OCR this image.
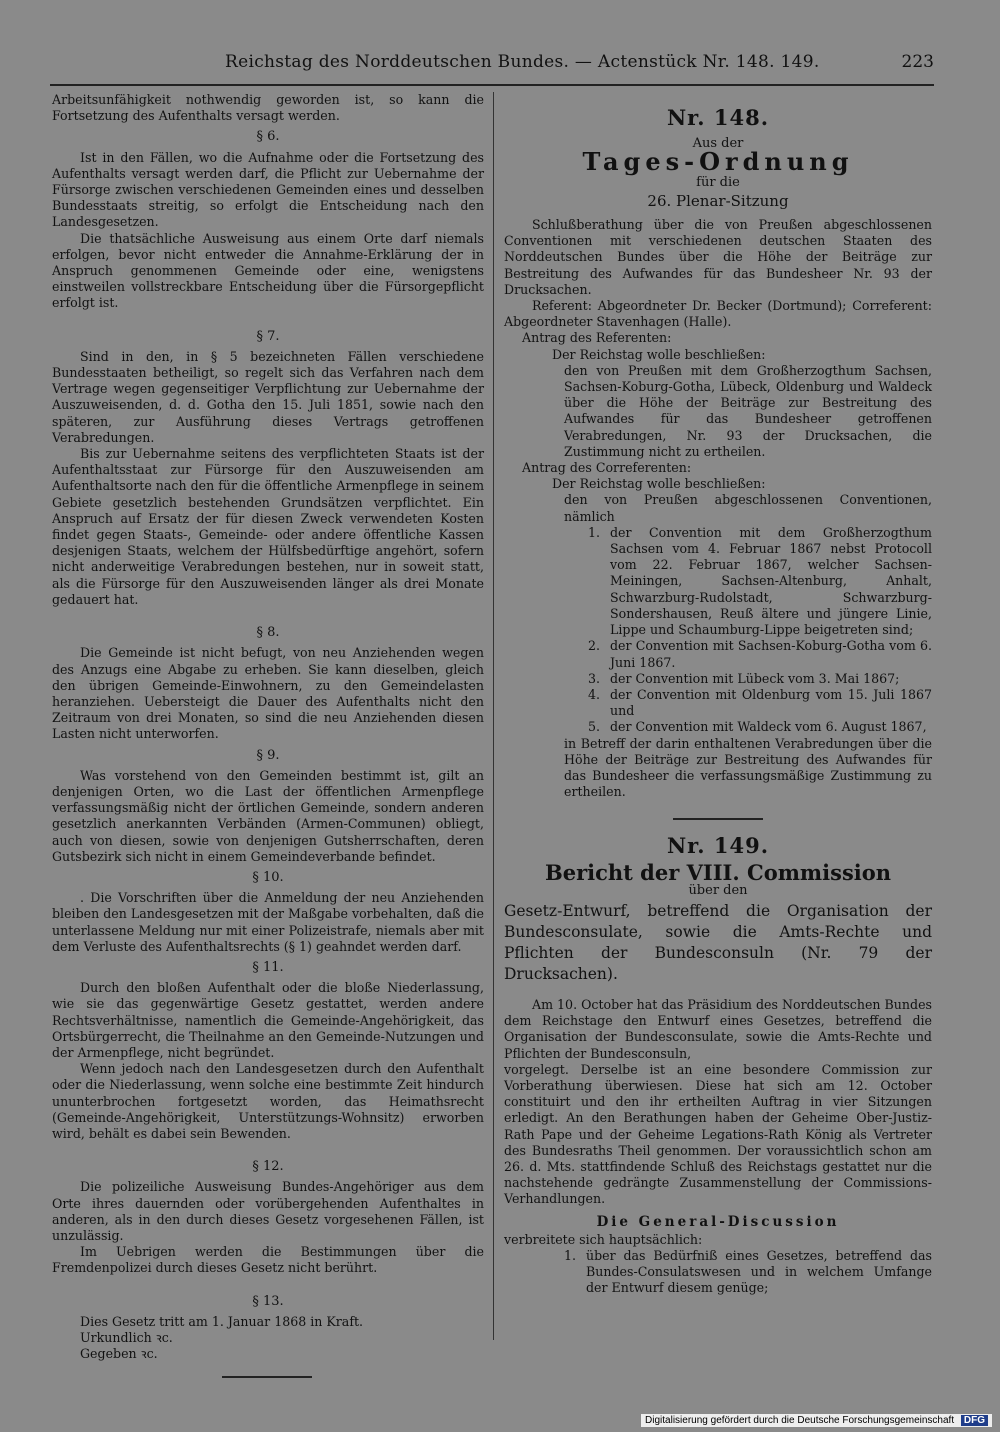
Reichstag des Norddeutschen Bundes. — Actenstück Nr. 148. 149.	223

Arbeitsunfähigkeit nothwendig geworden ist, so kann die Fortsetzung des Aufenthalts versagt werden.

§ 6.

Ist in den Fällen, wo die Aufnahme oder die Fortsetzung des Aufenthalts versagt werden darf, die Pflicht zur Uebernahme der Fürsorge zwischen verschiedenen Gemeinden eines und desselben Bundesstaats streitig, so erfolgt die Entscheidung nach den Landesgesetzen.

Die thatsächliche Ausweisung aus einem Orte darf niemals erfolgen, bevor nicht entweder die Annahme-Erklärung der in Anspruch genommenen Gemeinde oder eine, wenigstens einstweilen vollstreckbare Entscheidung über die Fürsorgepflicht erfolgt ist.

§ 7.

Sind in den, in § 5 bezeichneten Fällen verschiedene Bundesstaaten betheiligt, so regelt sich das Verfahren nach dem Vertrage wegen gegenseitiger Verpflichtung zur Uebernahme der Auszuweisenden, d. d. Gotha den 15. Juli 1851, sowie nach den späteren, zur Ausführung dieses Vertrags getroffenen Verabredungen.

Bis zur Uebernahme seitens des verpflichteten Staats ist der Aufenthaltsstaat zur Fürsorge für den Auszuweisenden am Aufenthaltsorte nach den für die öffentliche Armenpflege in seinem Gebiete gesetzlich bestehenden Grundsätzen verpflichtet. Ein Anspruch auf Ersatz der für diesen Zweck verwendeten Kosten findet gegen Staats-, Gemeinde- oder andere öffentliche Kassen desjenigen Staats, welchem der Hülfsbedürftige angehört, sofern nicht anderweitige Verabredungen bestehen, nur in soweit statt, als die Fürsorge für den Auszuweisenden länger als drei Monate gedauert hat.

§ 8.

Die Gemeinde ist nicht befugt, von neu Anziehenden wegen des Anzugs eine Abgabe zu erheben. Sie kann dieselben, gleich den übrigen Gemeinde-Einwohnern, zu den Gemeindelasten heranziehen. Uebersteigt die Dauer des Aufenthalts nicht den Zeitraum von drei Monaten, so sind die neu Anziehenden diesen Lasten nicht unterworfen.

§ 9.

Was vorstehend von den Gemeinden bestimmt ist, gilt an denjenigen Orten, wo die Last der öffentlichen Armenpflege verfassungsmäßig nicht der örtlichen Gemeinde, sondern anderen gesetzlich anerkannten Verbänden (Armen-Communen) obliegt, auch von diesen, sowie von denjenigen Gutsherrschaften, deren Gutsbezirk sich nicht in einem Gemeindeverbande befindet.

§ 10.

. Die Vorschriften über die Anmeldung der neu Anziehenden bleiben den Landesgesetzen mit der Maßgabe vorbehalten, daß die unterlassene Meldung nur mit einer Polizeistrafe, niemals aber mit dem Verluste des Aufenthaltsrechts (§ 1) geahndet werden darf.

§ 11.

Durch den bloßen Aufenthalt oder die bloße Niederlassung, wie sie das gegenwärtige Gesetz gestattet, werden andere Rechtsverhältnisse, namentlich die Gemeinde-Angehörigkeit, das Ortsbürgerrecht, die Theilnahme an den Gemeinde-Nutzungen und der Armenpflege, nicht begründet.

Wenn jedoch nach den Landesgesetzen durch den Aufenthalt oder die Niederlassung, wenn solche eine bestimmte Zeit hindurch ununterbrochen fortgesetzt worden, das Heimathsrecht (Gemeinde-Angehörigkeit, Unterstützungs-Wohnsitz) erworben wird, behält es dabei sein Bewenden.

§ 12.

Die polizeiliche Ausweisung Bundes-Angehöriger aus dem Orte ihres dauernden oder vorübergehenden Aufenthaltes in anderen, als in den durch dieses Gesetz vorgesehenen Fällen, ist unzulässig.

Im Uebrigen werden die Bestimmungen über die Fremdenpolizei durch dieses Gesetz nicht berührt.

§ 13.

Dies Gesetz tritt am 1. Januar 1868 in Kraft.

Urkundlich ꝛc.

Gegeben ꝛc.

Nr. 148.
Aus der
Tages-Ordnung
für die
26. Plenar-Sitzung

Schlußberathung über die von Preußen abgeschlossenen Conventionen mit verschiedenen deutschen Staaten des Norddeutschen Bundes über die Höhe der Beiträge zur Bestreitung des Aufwandes für das Bundesheer Nr. 93 der Drucksachen.

Referent: Abgeordneter Dr. Becker (Dortmund); Correferent: Abgeordneter Stavenhagen (Halle).

Antrag des Referenten:

Der Reichstag wolle beschließen:

den von Preußen mit dem Großherzogthum Sachsen, Sachsen-Koburg-Gotha, Lübeck, Oldenburg und Waldeck über die Höhe der Beiträge zur Bestreitung des Aufwandes für das Bundesheer getroffenen Verabredungen, Nr. 93 der Drucksachen, die Zustimmung nicht zu ertheilen.

Antrag des Correferenten:

Der Reichstag wolle beschließen:

den von Preußen abgeschlossenen Conventionen, nämlich

1. der Convention mit dem Großherzogthum Sachsen vom 4. Februar 1867 nebst Protocoll vom 22. Februar 1867, welcher Sachsen-Meiningen, Sachsen-Altenburg, Anhalt, Schwarzburg-Rudolstadt, Schwarzburg-Sondershausen, Reuß ältere und jüngere Linie, Lippe und Schaumburg-Lippe beigetreten sind;
2. der Convention mit Sachsen-Koburg-Gotha vom 6. Juni 1867.
3. der Convention mit Lübeck vom 3. Mai 1867;
4. der Convention mit Oldenburg vom 15. Juli 1867 und
5. der Convention mit Waldeck vom 6. August 1867,

in Betreff der darin enthaltenen Verabredungen über die Höhe der Beiträge zur Bestreitung des Aufwandes für das Bundesheer die verfassungsmäßige Zustimmung zu ertheilen.

Nr. 149.
Bericht der VIII. Commission
über den
Gesetz-Entwurf, betreffend die Organisation der Bundesconsulate, sowie die Amts-Rechte und Pflichten der Bundesconsuln (Nr. 79 der Drucksachen).

Am 10. October hat das Präsidium des Norddeutschen Bundes dem Reichstage den Entwurf eines Gesetzes, betreffend die Organisation der Bundesconsulate, sowie die Amts-Rechte und Pflichten der Bundesconsuln,

vorgelegt. Derselbe ist an eine besondere Commission zur Vorberathung überwiesen. Diese hat sich am 12. October constituirt und den ihr ertheilten Auftrag in vier Sitzungen erledigt. An den Berathungen haben der Geheime Ober-Justiz-Rath Pape und der Geheime Legations-Rath König als Vertreter des Bundesraths Theil genommen. Der voraussichtlich schon am 26. d. Mts. stattfindende Schluß des Reichstags gestattet nur die nachstehende gedrängte Zusammenstellung der Commissions-Verhandlungen.

Die General-Discussion

verbreitete sich hauptsächlich:

1. über das Bedürfniß eines Gesetzes, betreffend das Bundes-Consulatswesen und in welchem Umfange der Entwurf diesem genüge;
Digitalisierung gefördert durch die Deutsche Forschungsgemeinschaft DFG
